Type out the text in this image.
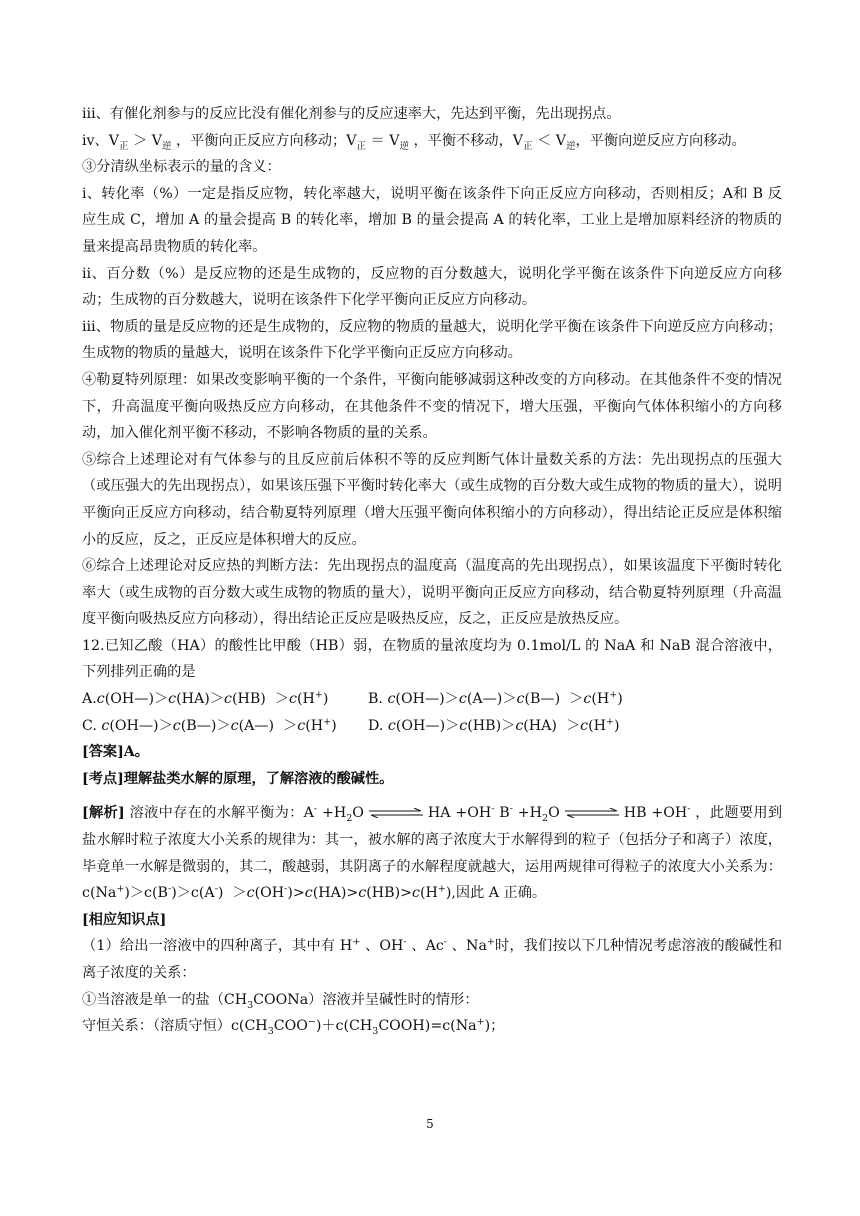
ⅲ、有催化剂参与的反应比没有催化剂参与的反应速率大，先达到平衡，先出现拐点。

ⅳ、$V_正 > V_逆$ ，平衡向正反应方向移动；$V_正 = V_逆$ ，平衡不移动，$V_正 < V_逆$，平衡向逆反应方向移动。

③分清纵坐标表示的量的含义：

ⅰ、转化率（%）一定是指反应物，转化率越大，说明平衡在该条件下向正反应方向移动，否则相反；A和 B 反应生成 C，增加 A 的量会提高 B 的转化率，增加 B 的量会提高 A 的转化率，工业上是增加原料经济的物质的量来提高昂贵物质的转化率。

ⅱ、百分数（%）是反应物的还是生成物的，反应物的百分数越大，说明化学平衡在该条件下向逆反应方向移动；生成物的百分数越大，说明在该条件下化学平衡向正反应方向移动。

ⅲ、物质的量是反应物的还是生成物的，反应物的物质的量越大，说明化学平衡在该条件下向逆反应方向移动；生成物的物质的量越大，说明在该条件下化学平衡向正反应方向移动。

④勒夏特列原理：如果改变影响平衡的一个条件，平衡向能够减弱这种改变的方向移动。在其他条件不变的情况下，升高温度平衡向吸热反应方向移动，在其他条件不变的情况下，增大压强，平衡向气体体积缩小的方向移动，加入催化剂平衡不移动，不影响各物质的量的关系。

⑤综合上述理论对有气体参与的且反应前后体积不等的反应判断气体计量数关系的方法：先出现拐点的压强大（或压强大的先出现拐点），如果该压强下平衡时转化率大（或生成物的百分数大或生成物的物质的量大），说明平衡向正反应方向移动，结合勒夏特列原理（增大压强平衡向体积缩小的方向移动），得出结论正反应是体积缩小的反应，反之，正反应是体积增大的反应。

⑥综合上述理论对反应热的判断方法：先出现拐点的温度高（温度高的先出现拐点），如果该温度下平衡时转化率大（或生成物的百分数大或生成物的物质的量大），说明平衡向正反应方向移动，结合勒夏特列原理（升高温度平衡向吸热反应方向移动），得出结论正反应是吸热反应，反之，正反应是放热反应。

12.已知乙酸（HA）的酸性比甲酸（HB）弱，在物质的量浓度均为 0.1mol/L 的 NaA 和 NaB 混合溶液中，下列排列正确的是

A.c(OH—)＞c(HA)＞c(HB)  ＞c(H+)	B. c(OH—)＞c(A—)＞c(B—)  ＞c(H+)
C. c(OH—)＞c(B—)＞c(A—)  ＞c(H+)	D. c(OH—)＞c(HB)＞c(HA)  ＞c(H+)

[答案]A。

[考点]理解盐类水解的原理，了解溶液的酸碱性。

[解析] 溶液中存在的水解平衡为：$A^- +H_2O$ ⇌ HA +OH- $B^- +H_2O$ ⇌ HB +OH- ，此题要用到盐水解时粒子浓度大小关系的规律为：其一，被水解的离子浓度大于水解得到的粒子（包括分子和离子）浓度，毕竟单一水解是微弱的，其二，酸越弱，其阴离子的水解程度就越大，运用两规律可得粒子的浓度大小关系为：c(Na+)＞c(B-)＞c(A-)  ＞c(OH-)>c(HA)>c(HB)>c(H+),因此 A 正确。

[相应知识点]

（1）给出一溶液中的四种离子，其中有 H+ 、OH- 、Ac- 、Na+时，我们按以下几种情况考虑溶液的酸碱性和离子浓度的关系：

①当溶液是单一的盐$(CH_3COONa)$溶液并呈碱性时的情形：

守恒关系：（溶质守恒）$c(CH_3COO^-)+c(CH_3COOH)=c(Na^+)$；

5
